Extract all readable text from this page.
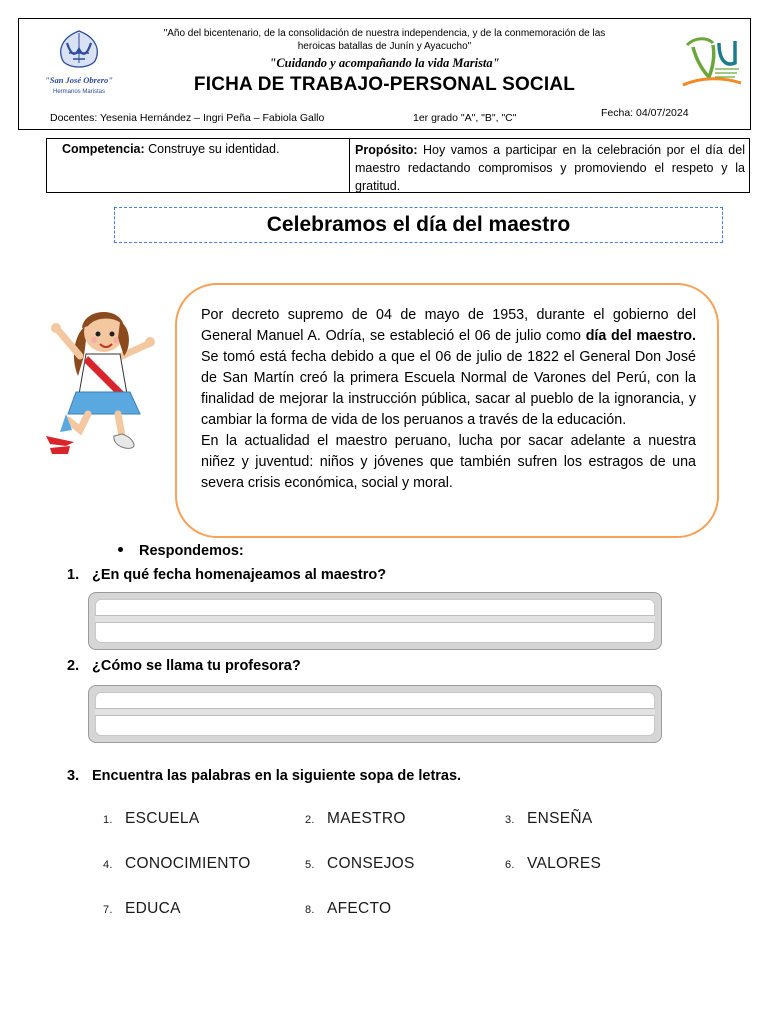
"San José Obrero"
Hermanos Maristas
"Año del bicentenario, de la consolidación de nuestra independencia, y de la conmemoración de las
heroicas batallas de Junín y Ayacucho"
"Cuidando y acompañando la vida Marista"
FICHA DE TRABAJO-PERSONAL SOCIAL
Docentes: Yesenia Hernández – Ingri Peña – Fabiola Gallo	1er grado "A", "B", "C"	Fecha: 04/07/2024
Competencia: Construye su identidad.	Propósito: Hoy vamos a participar en la celebración por el día del maestro redactando compromisos y promoviendo el respeto y la gratitud.
Celebramos el día del maestro

Por decreto supremo de 04 de mayo de 1953, durante el gobierno del General Manuel A. Odría, se estableció el 06 de julio como día del maestro. Se tomó está fecha debido a que el 06 de julio de 1822 el General Don José de San Martín creó la primera Escuela Normal de Varones del Perú, con la finalidad de mejorar la instrucción pública, sacar al pueblo de la ignorancia, y cambiar la forma de vida de los peruanos a través de la educación.

En la actualidad el maestro peruano, lucha por sacar adelante a nuestra niñez y juventud: niños y jóvenes que también sufren los estragos de una severa crisis económica, social y moral.

Respondemos:
1. ¿En qué fecha homenajeamos al maestro?
2. ¿Cómo se llama tu profesora?
3. Encuentra las palabras en la siguiente sopa de letras.
1. ESCUELA	2. MAESTRO	3. ENSEÑA
4. CONOCIMIENTO	5. CONSEJOS	6. VALORES
7. EDUCA	8. AFECTO
